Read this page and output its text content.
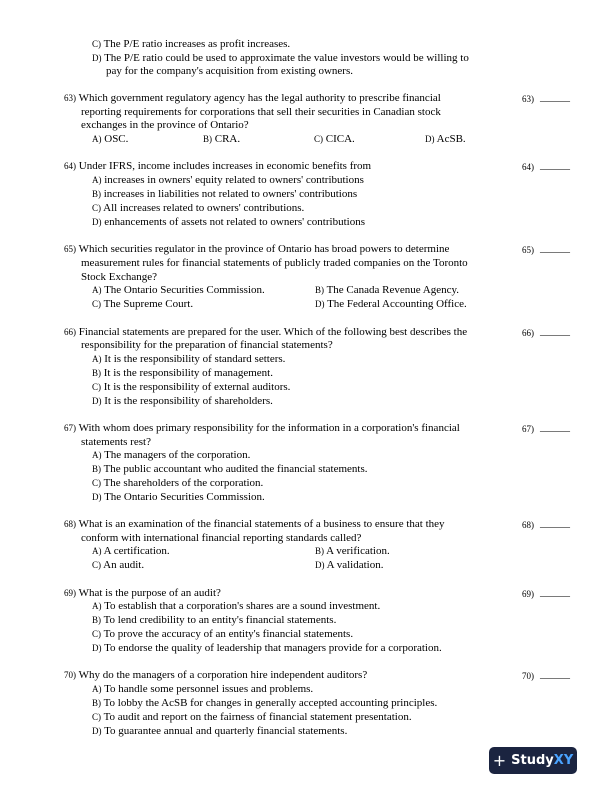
C) The P/E ratio increases as profit increases.
D) The P/E ratio could be used to approximate the value investors would be willing to
pay for the company's acquisition from existing owners.
63) Which government regulatory agency has the legal authority to prescribe financial
reporting requirements for corporations that sell their securities in Canadian stock
exchanges in the province of Ontario?
A) OSC.	B) CRA.	C) CICA.	D) AcSB.
63) ______
64) Under IFRS, income includes increases in economic benefits from
A) increases in owners' equity related to owners' contributions
B) increases in liabilities not related to owners' contributions
C) All increases related to owners' contributions.
D) enhancements of assets not related to owners' contributions
64) ______
65) Which securities regulator in the province of Ontario has broad powers to determine
measurement rules for financial statements of publicly traded companies on the Toronto
Stock Exchange?
A) The Ontario Securities Commission.	B) The Canada Revenue Agency.
C) The Supreme Court.	D) The Federal Accounting Office.
65) ______
66) Financial statements are prepared for the user. Which of the following best describes the
responsibility for the preparation of financial statements?
A) It is the responsibility of standard setters.
B) It is the responsibility of management.
C) It is the responsibility of external auditors.
D) It is the responsibility of shareholders.
66) ______
67) With whom does primary responsibility for the information in a corporation's financial
statements rest?
A) The managers of the corporation.
B) The public accountant who audited the financial statements.
C) The shareholders of the corporation.
D) The Ontario Securities Commission.
67) ______
68) What is an examination of the financial statements of a business to ensure that they
conform with international financial reporting standards called?
A) A certification.	B) A verification.
C) An audit.	D) A validation.
68) ______
69) What is the purpose of an audit?
A) To establish that a corporation's shares are a sound investment.
B) To lend credibility to an entity's financial statements.
C) To prove the accuracy of an entity's financial statements.
D) To endorse the quality of leadership that managers provide for a corporation.
69) ______
70) Why do the managers of a corporation hire independent auditors?
A) To handle some personnel issues and problems.
B) To lobby the AcSB for changes in generally accepted accounting principles.
C) To audit and report on the fairness of financial statement presentation.
D) To guarantee annual and quarterly financial statements.
70) ______
+ Study XY
